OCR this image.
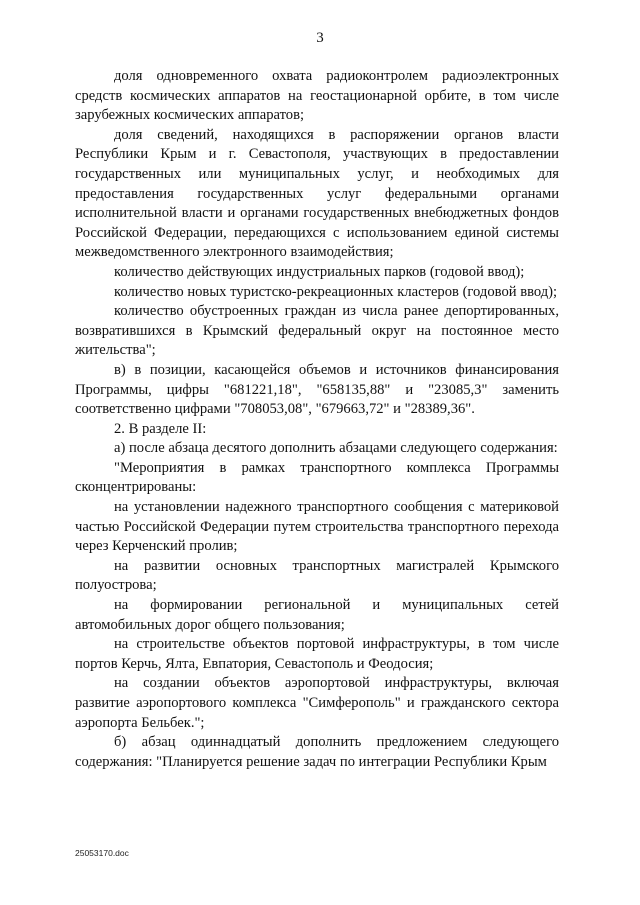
3

доля одновременного охвата радиоконтролем радиоэлектронных средств космических аппаратов на геостационарной орбите, в том числе зарубежных космических аппаратов;

доля сведений, находящихся в распоряжении органов власти Республики Крым и г. Севастополя, участвующих в предоставлении государственных или муниципальных услуг, и необходимых для предоставления государственных услуг федеральными органами исполнительной власти и органами государственных внебюджетных фондов Российской Федерации, передающихся с использованием единой системы межведомственного электронного взаимодействия;

количество действующих индустриальных парков (годовой ввод);

количество новых туристско-рекреационных кластеров (годовой ввод);

количество обустроенных граждан из числа ранее депортированных, возвратившихся в Крымский федеральный округ на постоянное место жительства";

в) в позиции, касающейся объемов и источников финансирования Программы, цифры "681221,18", "658135,88" и "23085,3" заменить соответственно цифрами "708053,08", "679663,72" и "28389,36".

2. В разделе II:

а) после абзаца десятого дополнить абзацами следующего содержания:

"Мероприятия в рамках транспортного комплекса Программы сконцентрированы:

на установлении надежного транспортного сообщения с материковой частью Российской Федерации путем строительства транспортного перехода через Керченский пролив;

на развитии основных транспортных магистралей Крымского полуострова;

на формировании региональной и муниципальных сетей автомобильных дорог общего пользования;

на строительстве объектов портовой инфраструктуры, в том числе портов Керчь, Ялта, Евпатория, Севастополь и Феодосия;

на создании объектов аэропортовой инфраструктуры, включая развитие аэропортового комплекса "Симферополь" и гражданского сектора аэропорта Бельбек.";

б) абзац одиннадцатый дополнить предложением следующего содержания: "Планируется решение задач по интеграции Республики Крым

25053170.doc
